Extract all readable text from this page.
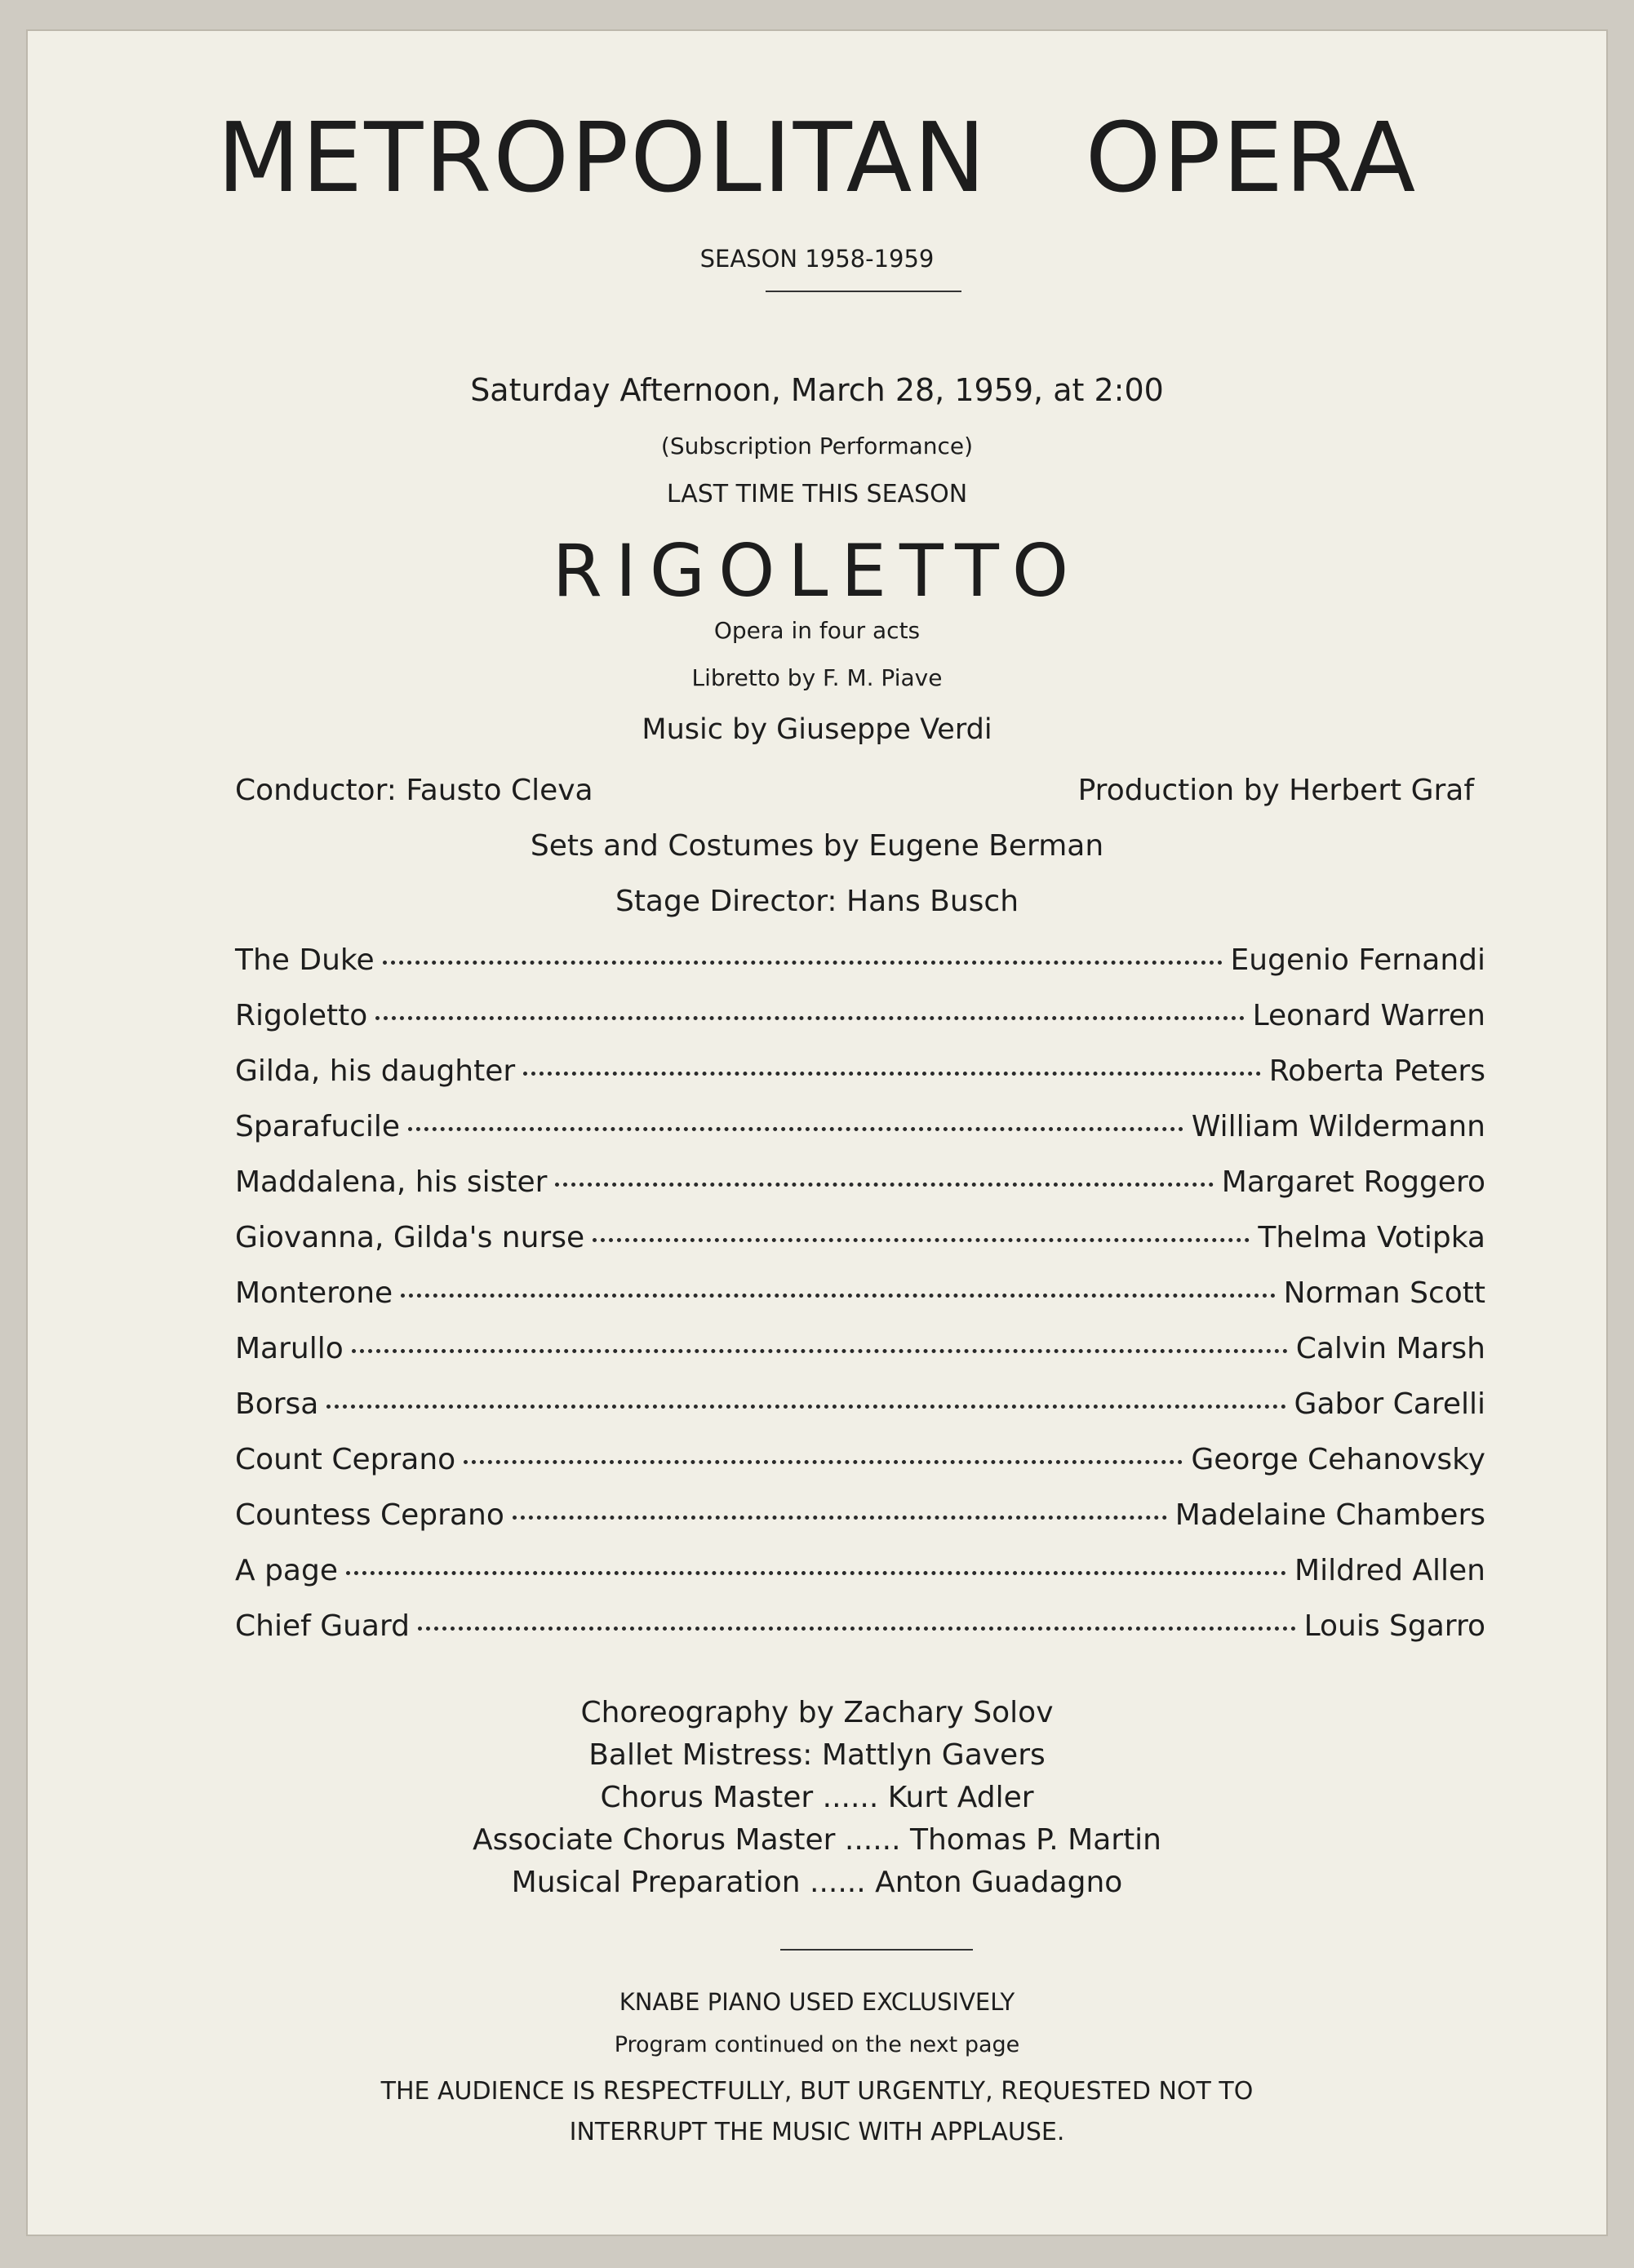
METROPOLITAN OPERA
SEASON 1958-1959
Saturday Afternoon, March 28, 1959, at 2:00
(Subscription Performance)
LAST TIME THIS SEASON
RIGOLETTO
Opera in four acts
Libretto by F. M. Piave
Music by Giuseppe Verdi
Conductor: Fausto Cleva	Production by Herbert Graf
Sets and Costumes by Eugene Berman
Stage Director: Hans Busch
The Duke	Eugenio Fernandi
Rigoletto	Leonard Warren
Gilda, his daughter	Roberta Peters
Sparafucile	William Wildermann
Maddalena, his sister	Margaret Roggero
Giovanna, Gilda's nurse	Thelma Votipka
Monterone	Norman Scott
Marullo	Calvin Marsh
Borsa	Gabor Carelli
Count Ceprano	George Cehanovsky
Countess Ceprano	Madelaine Chambers
A page	Mildred Allen
Chief Guard	Louis Sgarro
Choreography by Zachary Solov
Ballet Mistress: Mattlyn Gavers
Chorus Master ...... Kurt Adler
Associate Chorus Master ...... Thomas P. Martin
Musical Preparation ...... Anton Guadagno
KNABE PIANO USED EXCLUSIVELY
Program continued on the next page
THE AUDIENCE IS RESPECTFULLY, BUT URGENTLY, REQUESTED NOT TO
INTERRUPT THE MUSIC WITH APPLAUSE.
